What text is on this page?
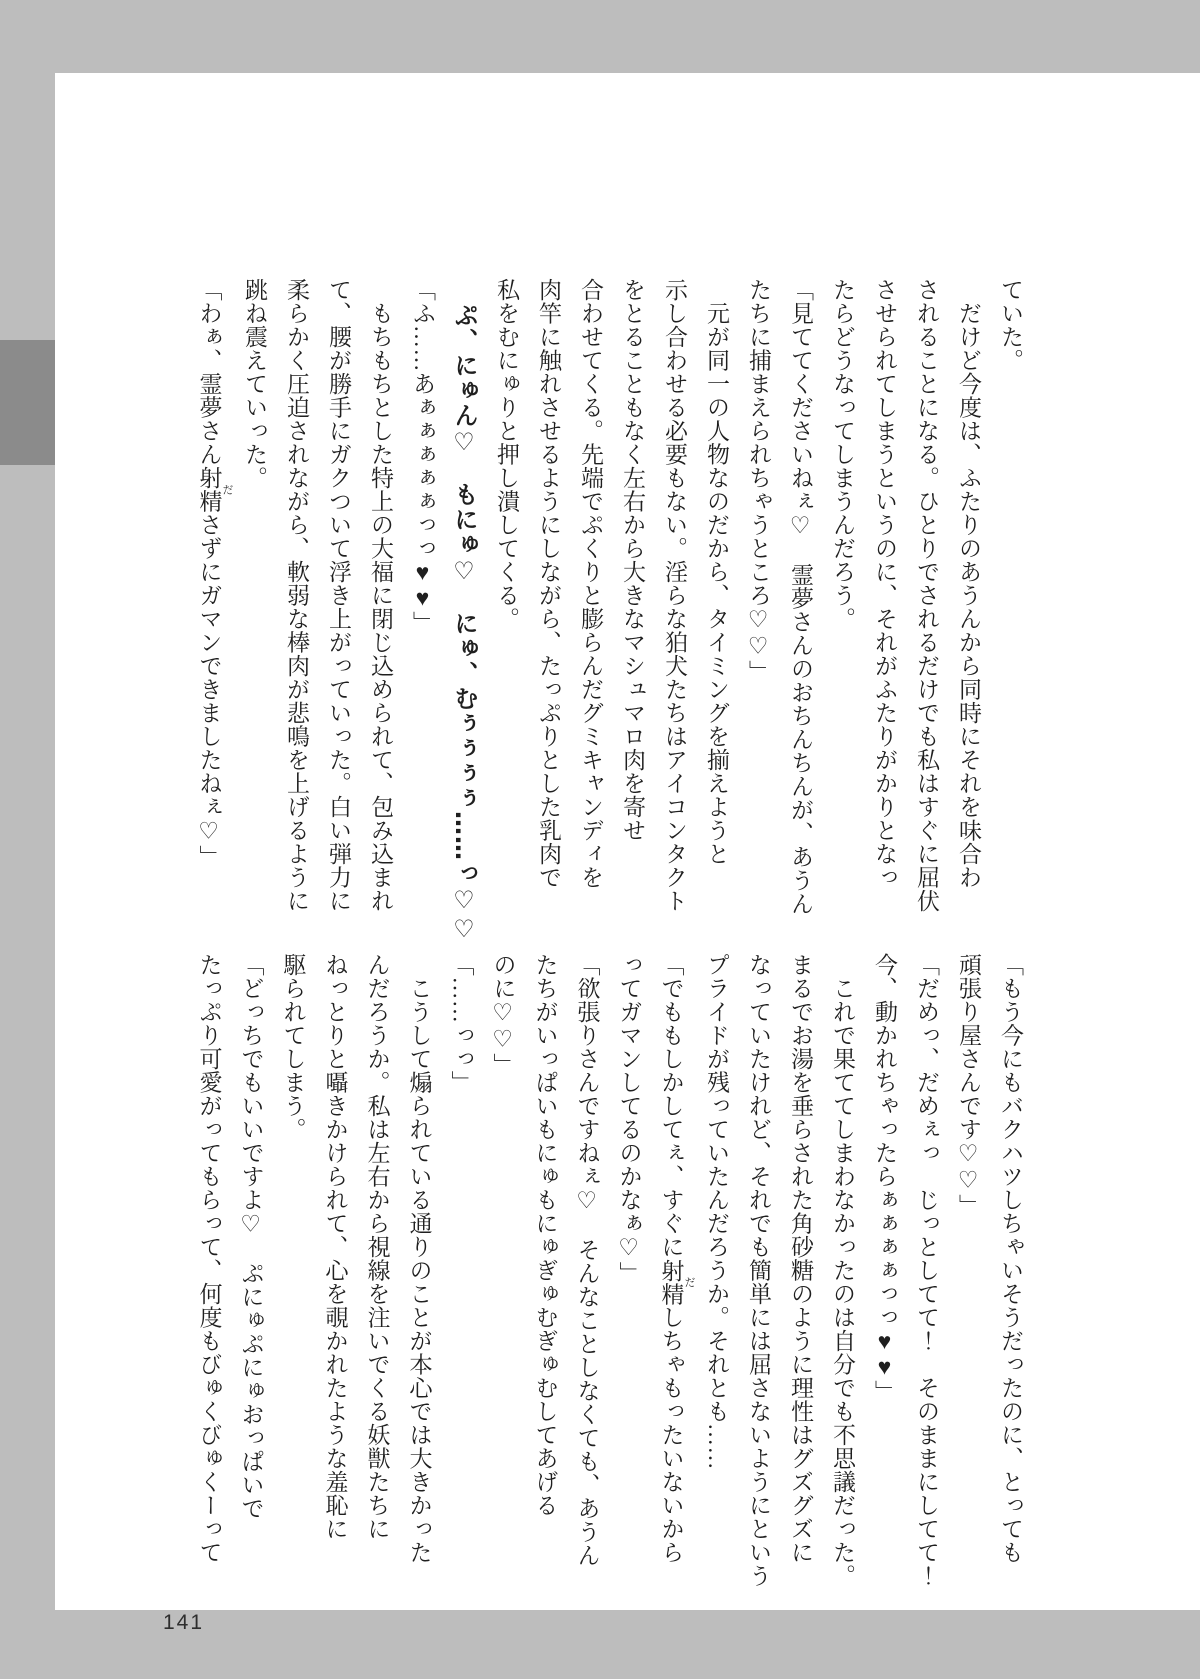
ていた。
　だけど今度は、ふたりのあうんから同時にそれを味合わ
されることになる。ひとりでされるだけでも私はすぐに屈伏
させられてしまうというのに、それがふたりがかりとなっ
たらどうなってしまうんだろう。
「見ててくださいねぇ♡　霊夢さんのおちんちんが、あうん
たちに捕まえられちゃうところ♡♡」
　元が同一の人物なのだから、タイミングを揃えようと
示し合わせる必要もない。淫らな狛犬たちはアイコンタクト
をとることもなく左右から大きなマシュマロ肉を寄せ
合わせてくる。先端でぷくりと膨らんだグミキャンディを
肉竿に触れさせるようにしながら、たっぷりとした乳肉で
私をむにゅりと押し潰してくる。
　ぷ、にゅん♡　もにゅ♡　にゅ、むぅぅぅぅ……っ♡♡
「ふ……あぁぁぁぁぁっっ♥♥」
　もちもちとした特上の大福に閉じ込められて、包み込まれ
て、腰が勝手にガクついて浮き上がっていった。白い弾力に
柔らかく圧迫されながら、軟弱な棒肉が悲鳴を上げるように
跳ね震えていった。
「わぁ、霊夢さん射精 ださずにガマンできましたねぇ♡」
「もう今にもバクハツしちゃいそうだったのに、とっても
頑張り屋さんです♡♡」
「だめっ、だめぇっ　じっとしてて！　そのままにしてて！
今、動かれちゃったらぁぁぁぁっっ♥♥」
　これで果ててしまわなかったのは自分でも不思議だった。
まるでお湯を垂らされた角砂糖のように理性はグズグズに
なっていたけれど、それでも簡単には屈さないようにという
プライドが残っていたんだろうか。それとも……
「でももしかしてぇ、すぐに射精 だしちゃもったいないから
ってガマンしてるのかなぁ♡」
「欲張りさんですねぇ♡　そんなことしなくても、あうん
たちがいっぱいもにゅもにゅぎゅむぎゅむしてあげる
のに♡♡」
「……っっ」
　こうして煽られている通りのことが本心では大きかった
んだろうか。私は左右から視線を注いでくる妖獣たちに
ねっとりと囁きかけられて、心を覗かれたような羞恥に
駆られてしまう。
「どっちでもいいですよ♡　ぷにゅぷにゅおっぱいで
たっぷり可愛がってもらって、何度もびゅくびゅくーって
141
